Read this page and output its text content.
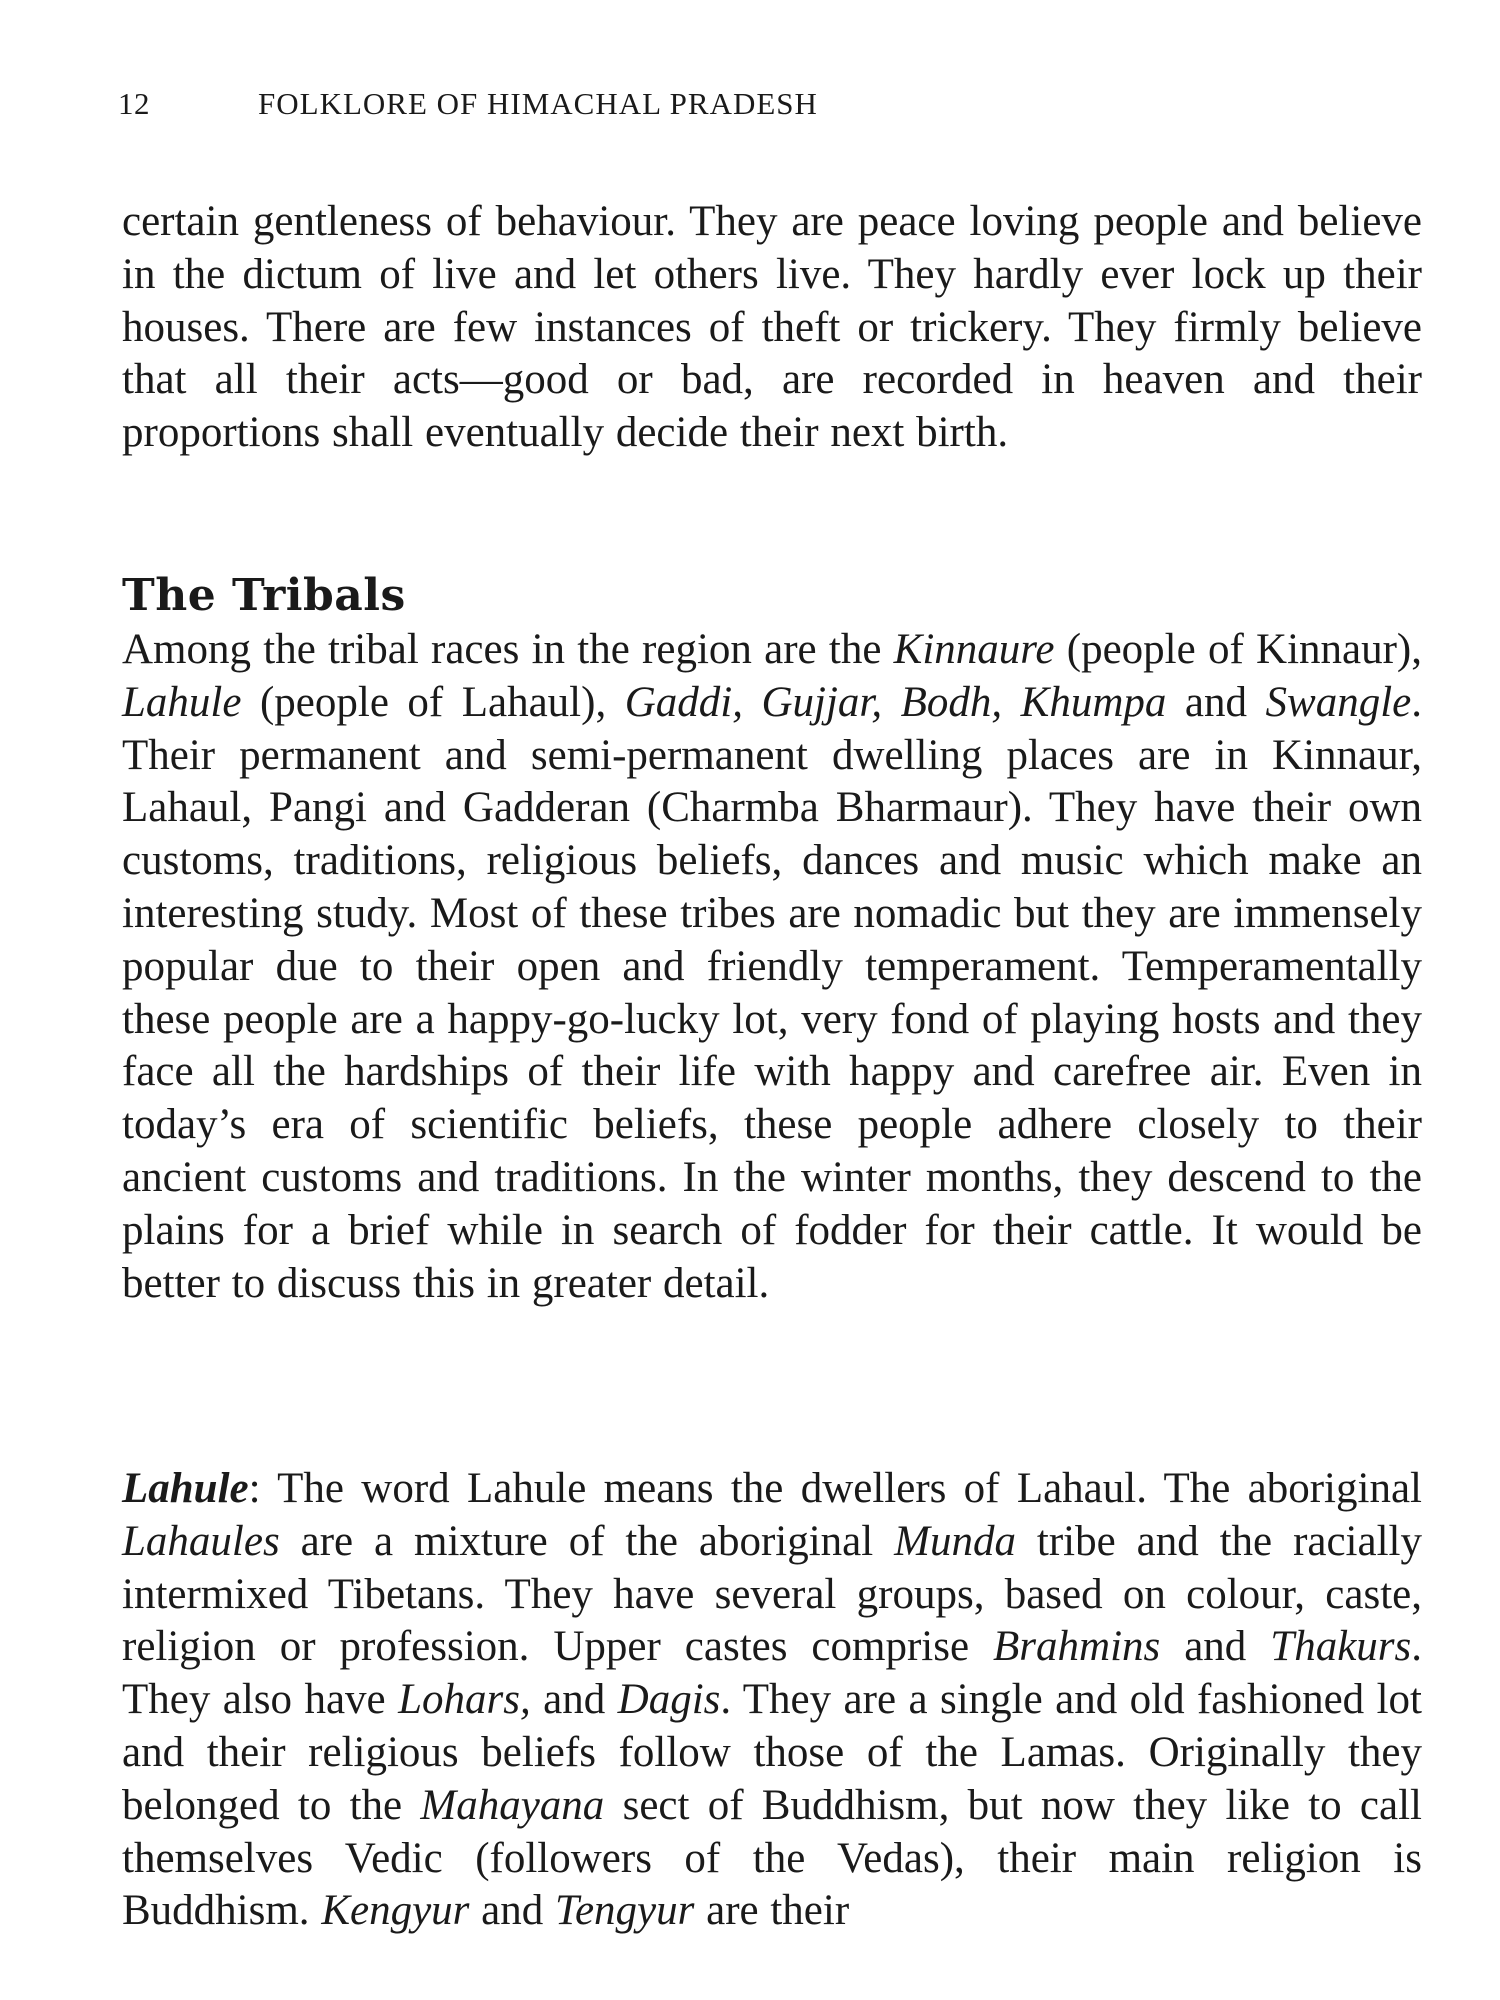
12	FOLKLORE OF HIMACHAL PRADESH

certain gentleness of behaviour. They are peace loving people and believe in the dictum of live and let others live. They hardly ever lock up their houses. There are few instances of theft or trickery. They firmly believe that all their acts—good or bad, are recorded in heaven and their proportions shall eventually decide their next birth.

The Tribals

Among the tribal races in the region are the Kinnaure (people of Kinnaur), Lahule (people of Lahaul), Gaddi, Gujjar, Bodh, Khumpa and Swangle. Their permanent and semi-permanent dwelling places are in Kinnaur, Lahaul, Pangi and Gadderan (Charmba Bharmaur). They have their own customs, traditions, religious beliefs, dances and music which make an interesting study. Most of these tribes are nomadic but they are immensely popular due to their open and friendly temperament. Temperamentally these people are a happy-go-lucky lot, very fond of playing hosts and they face all the hardships of their life with happy and carefree air. Even in today’s era of scientific beliefs, these people adhere closely to their ancient customs and traditions. In the winter months, they descend to the plains for a brief while in search of fodder for their cattle. It would be better to discuss this in greater detail.

Lahule: The word Lahule means the dwellers of Lahaul. The aboriginal Lahaules are a mixture of the aboriginal Munda tribe and the racially intermixed Tibetans. They have several groups, based on colour, caste, religion or profession. Upper castes comprise Brahmins and Thakurs. They also have Lohars, and Dagis. They are a single and old fashioned lot and their religious beliefs follow those of the Lamas. Originally they belonged to the Mahayana sect of Buddhism, but now they like to call themselves Vedic (followers of the Vedas), their main religion is Buddhism. Kengyur and Tengyur are their
